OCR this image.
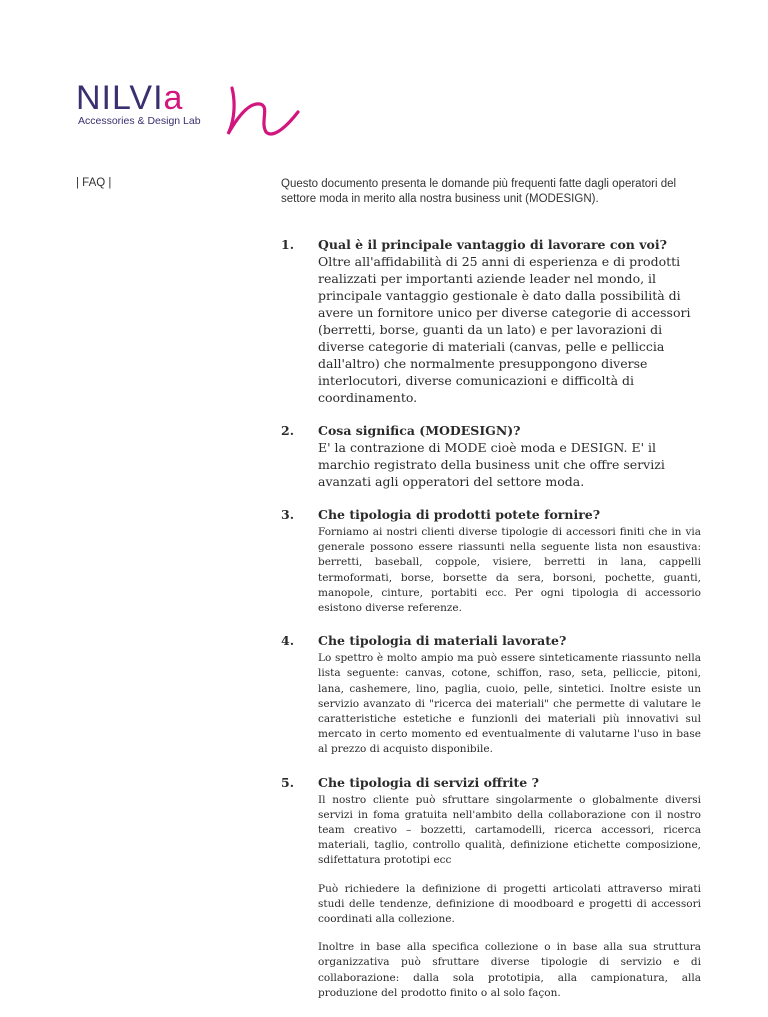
NILVIa
Accessories & Design Lab
| FAQ |	Questo documento presenta le domande più frequenti fatte dagli operatori del settore moda in merito alla nostra business unit (MODESIGN).
1.	Qual è il principale vantaggio di lavorare con voi?
Oltre all'affidabilità di 25 anni di esperienza e di prodotti realizzati per importanti aziende leader nel mondo, il principale vantaggio gestionale è dato dalla possibilità di avere un fornitore unico per diverse categorie di accessori (berretti, borse, guanti da un lato) e per lavorazioni di diverse categorie di materiali (canvas, pelle e pelliccia dall'altro) che normalmente presuppongono diverse interlocutori, diverse comunicazioni e difficoltà di coordinamento.
2.	Cosa significa (MODESIGN)?
E' la contrazione di MODE cioè moda e DESIGN. E' il marchio registrato della business unit che offre servizi avanzati agli opperatori del settore moda.
3.	Che tipologia di prodotti potete fornire?
Forniamo ai nostri clienti diverse tipologie di accessori finiti che in via generale possono essere riassunti nella seguente lista non esaustiva: berretti, baseball, coppole, visiere, berretti in lana, cappelli termoformati, borse, borsette da sera, borsoni, pochette, guanti, manopole, cinture, portabiti ecc. Per ogni tipologia di accessorio esistono diverse referenze.
4.	Che tipologia di materiali lavorate?
Lo spettro è molto ampio ma può essere sinteticamente riassunto nella lista seguente: canvas, cotone, schiffon, raso, seta, pelliccie, pitoni, lana, cashemere, lino, paglia, cuoio, pelle, sintetici. Inoltre esiste un servizio avanzato di "ricerca dei materiali" che permette di valutare le caratteristiche estetiche e funzionli dei materiali più innovativi sul mercato in certo momento ed eventualmente di valutarne l'uso in base al prezzo di acquisto disponibile.
5.	Che tipologia di servizi offrite ?
Il nostro cliente può sfruttare singolarmente o globalmente diversi servizi in foma gratuita nell'ambito della collaborazione con il nostro team creativo – bozzetti, cartamodelli, ricerca accessori, ricerca materiali, taglio, controllo qualità, definizione etichette composizione, sdifettatura prototipi ecc
Può richiedere la definizione di progetti articolati attraverso mirati studi delle tendenze, definizione di moodboard e progetti di accessori coordinati alla collezione.
Inoltre in base alla specifica collezione o in base alla sua struttura organizzativa può sfruttare diverse tipologie di servizio e di collaborazione: dalla sola prototipia, alla campionatura, alla produzione del prodotto finito o al solo façon.
